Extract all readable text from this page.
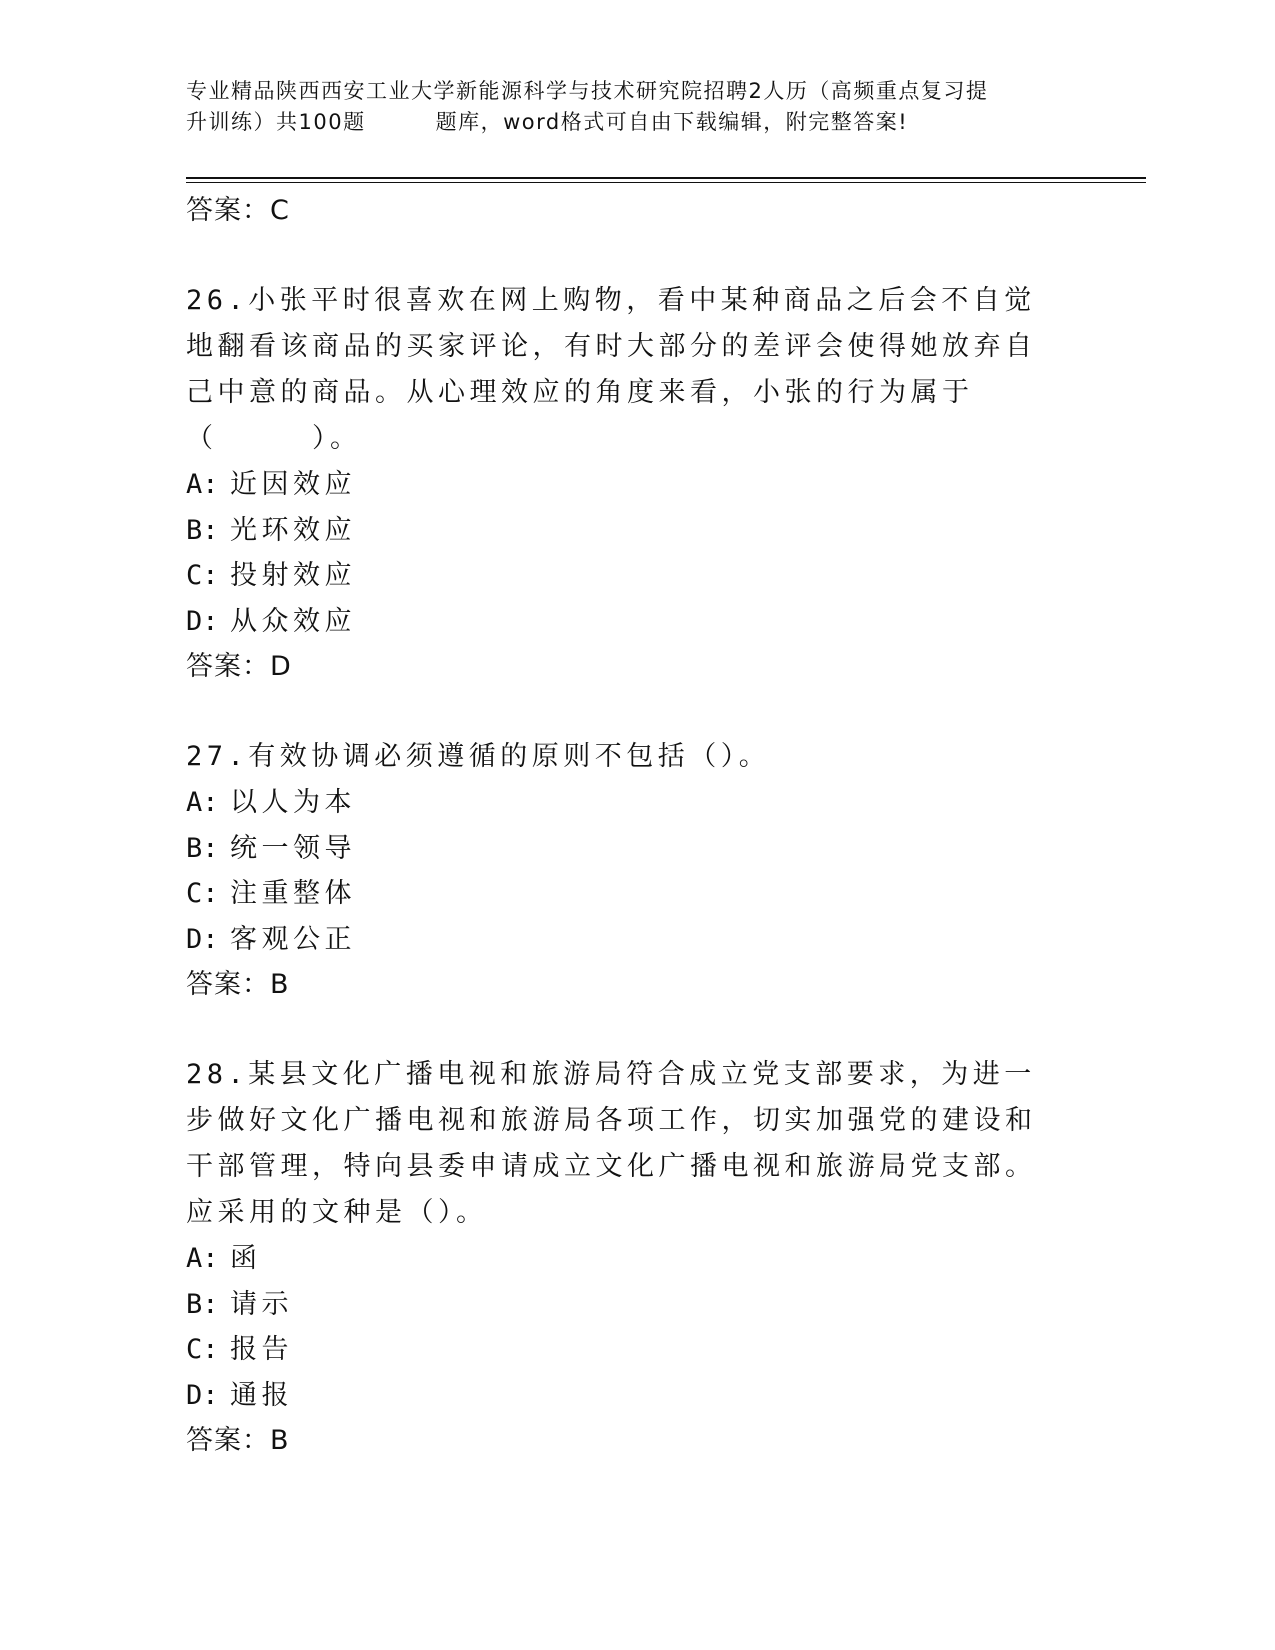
专业精品陕西西安工业大学新能源科学与技术研究院招聘2人历（高频重点复习提
升训练）共100题	题库，word格式可自由下载编辑，附完整答案!

答案：C

26.小张平时很喜欢在网上购物，看中某种商品之后会不自觉地翻看该商品的买家评论，有时大部分的差评会使得她放弃自己中意的商品。从心理效应的角度来看，小张的行为属于（　　　）。

A: 近因效应

B: 光环效应

C: 投射效应

D: 从众效应

答案：D

27.有效协调必须遵循的原则不包括（）。

A: 以人为本

B: 统一领导

C: 注重整体

D: 客观公正

答案：B

28.某县文化广播电视和旅游局符合成立党支部要求，为进一步做好文化广播电视和旅游局各项工作，切实加强党的建设和干部管理，特向县委申请成立文化广播电视和旅游局党支部。应采用的文种是（）。

A: 函

B: 请示

C: 报告

D: 通报

答案：B
